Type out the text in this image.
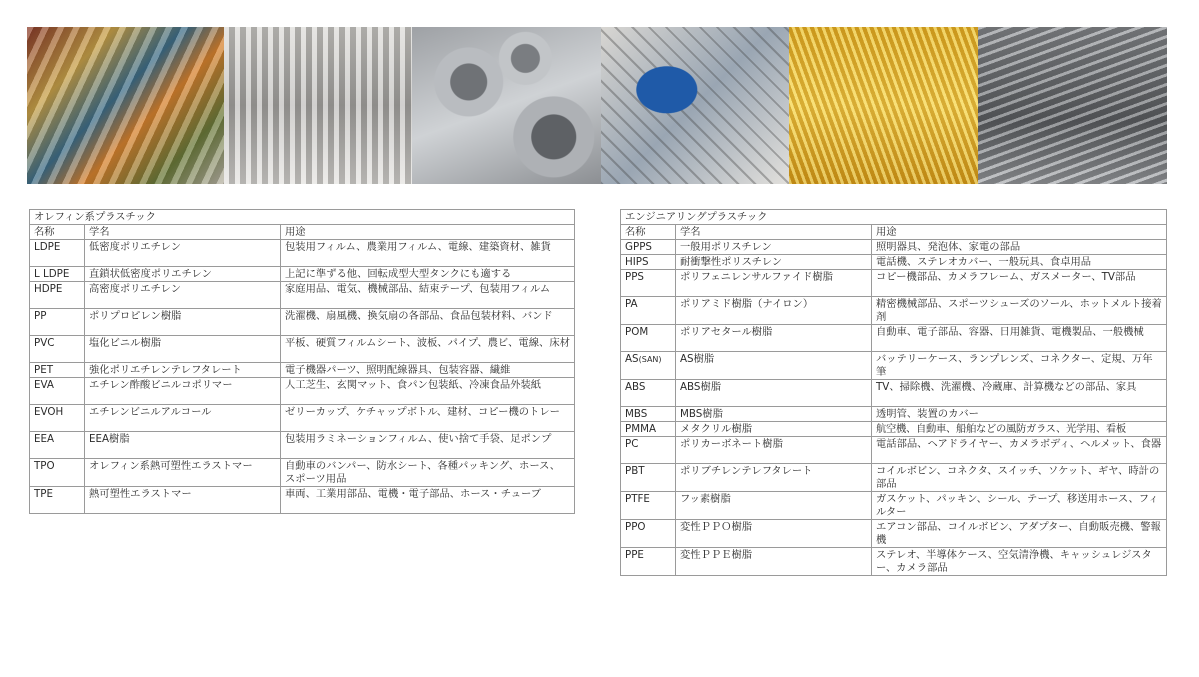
オレフィン系プラスチック		
名称	学名	用途
LDPE	低密度ポリエチレン	包装用フィルム、農業用フィルム、電線、建築資材、雑貨
L LDPE	直鎖状低密度ポリエチレン	上記に準ずる他、回転成型大型タンクにも適する
HDPE	高密度ポリエチレン	家庭用品、電気、機械部品、結束テープ、包装用フィルム
PP	ポリプロピレン樹脂	洗濯機、扇風機、換気扇の各部品、食品包装材料、バンド
PVC	塩化ビニル樹脂	平板、硬質フィルムシート、波板、パイプ、農ビ、電線、床材
PET	強化ポリエチレンテレフタレート	電子機器パーツ、照明配線器具、包装容器、繊維
EVA	エチレン酢酸ビニルコポリマー	人工芝生、玄関マット、食パン包装紙、冷凍食品外装紙
EVOH	エチレンビニルアルコール	ゼリーカップ、ケチャップボトル、建材、コピー機のトレー
EEA	EEA樹脂	包装用ラミネーションフィルム、使い捨て手袋、足ポンプ
TPO	オレフィン系熱可塑性エラストマー	自動車のバンパー、防水シート、各種パッキング、ホース、スポーツ用品
TPE	熱可塑性エラストマー	車両、工業用部品、電機・電子部品、ホース・チューブ
エンジニアリングプラスチック		
名称	学名	用途
GPPS	一般用ポリスチレン	照明器具、発泡体、家電の部品
HIPS	耐衝撃性ポリスチレン	電話機、ステレオカバー、一般玩具、食卓用品
PPS	ポリフェニレンサルファイド樹脂	コピー機部品、カメラフレーム、ガスメーター、TV部品
PA	ポリアミド樹脂（ナイロン）	精密機械部品、スポーツシューズのソール、ホットメルト接着剤
POM	ポリアセタール樹脂	自動車、電子部品、容器、日用雑貨、電機製品、一般機械
AS(SAN)	AS樹脂	バッテリーケース、ランプレンズ、コネクター、定規、万年筆
ABS	ABS樹脂	TV、掃除機、洗濯機、冷蔵庫、計算機などの部品、家具
MBS	MBS樹脂	透明管、装置のカバー
PMMA	メタクリル樹脂	航空機、自動車、船舶などの風防ガラス、光学用、看板
PC	ポリカーボネート樹脂	電話部品、ヘアドライヤー、カメラボディ、ヘルメット、食器
PBT	ポリブチレンテレフタレート	コイルボビン、コネクタ、スイッチ、ソケット、ギヤ、時計の部品
PTFE	フッ素樹脂	ガスケット、パッキン、シール、テープ、移送用ホース、フィルター
PPO	変性ＰＰＯ樹脂	エアコン部品、コイルボビン、アダプター、自動販売機、警報機
PPE	変性ＰＰＥ樹脂	ステレオ、半導体ケース、空気清浄機、キャッシュレジスター、カメラ部品
